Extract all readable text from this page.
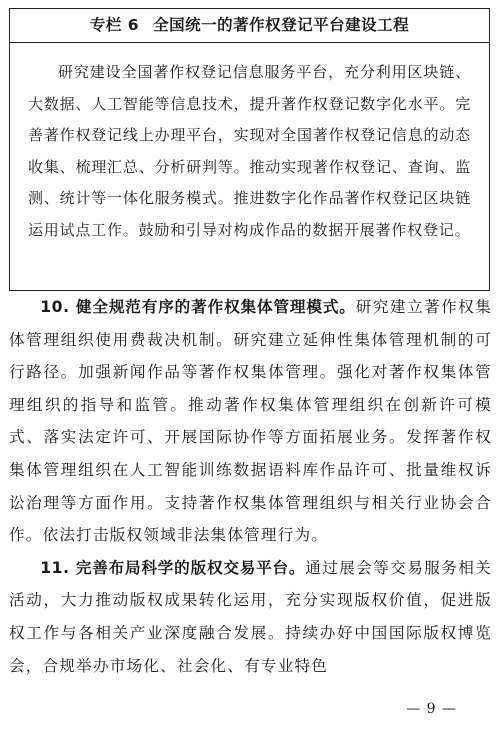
专栏 6 全国统一的著作权登记平台建设工程
研究建设全国著作权登记信息服务平台，充分利用区块链、大数据、人工智能等信息技术，提升著作权登记数字化水平。完善著作权登记线上办理平台，实现对全国著作权登记信息的动态收集、梳理汇总、分析研判等。推动实现著作权登记、查询、监测、统计等一体化服务模式。推进数字化作品著作权登记区块链运用试点工作。鼓励和引导对构成作品的数据开展著作权登记。

10. 健全规范有序的著作权集体管理模式。研究建立著作权集体管理组织使用费裁决机制。研究建立延伸性集体管理机制的可行路径。加强新闻作品等著作权集体管理。强化对著作权集体管理组织的指导和监管。推动著作权集体管理组织在创新许可模式、落实法定许可、开展国际协作等方面拓展业务。发挥著作权集体管理组织在人工智能训练数据语料库作品许可、批量维权诉讼治理等方面作用。支持著作权集体管理组织与相关行业协会合作。依法打击版权领域非法集体管理行为。

11. 完善布局科学的版权交易平台。通过展会等交易服务相关活动，大力推动版权成果转化运用，充分实现版权价值，促进版权工作与各相关产业深度融合发展。持续办好中国国际版权博览会，合规举办市场化、社会化、有专业特色

— 9 —
